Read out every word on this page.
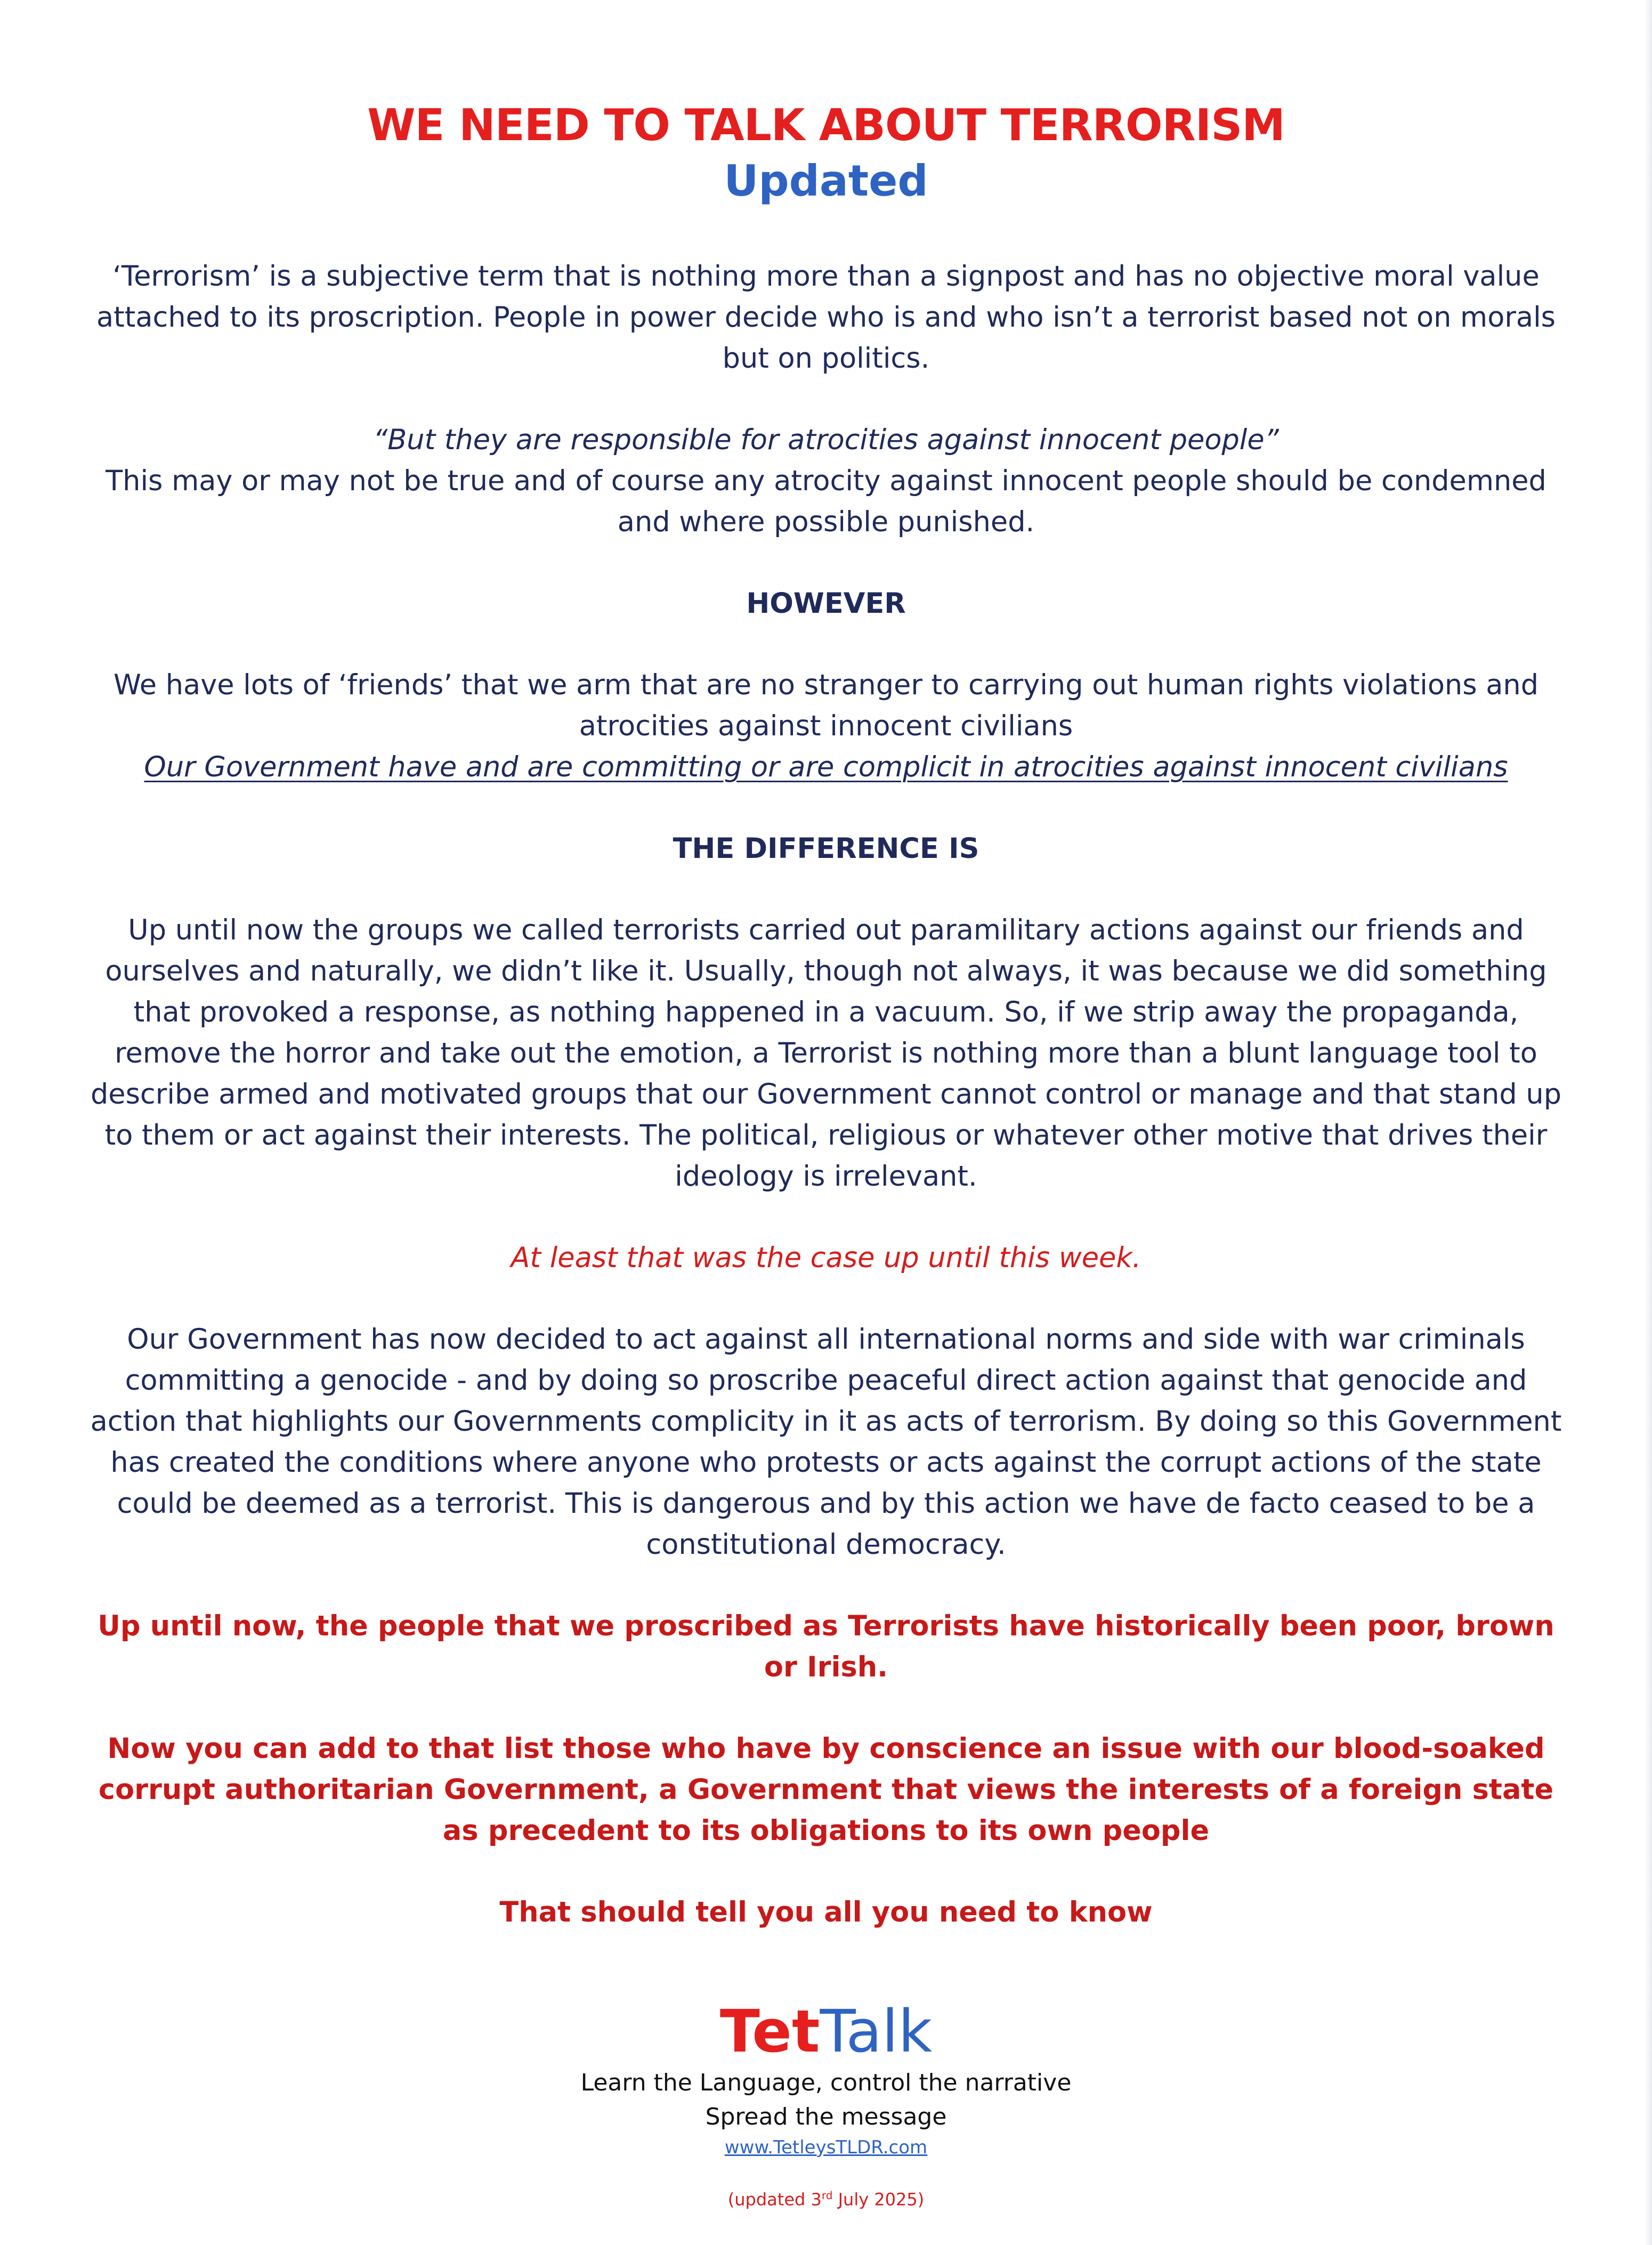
WE NEED TO TALK ABOUT TERRORISM
Updated

‘Terrorism’ is a subjective term that is nothing more than a signpost and has no objective moral value attached to its proscription. People in power decide who is and who isn’t a terrorist based not on morals but on politics.

“But they are responsible for atrocities against innocent people”

This may or may not be true and of course any atrocity against innocent people should be condemned and where possible punished.

HOWEVER

We have lots of ‘friends’ that we arm that are no stranger to carrying out human rights violations and atrocities against innocent civilians

Our Government have and are committing or are complicit in atrocities against innocent civilians

THE DIFFERENCE IS

Up until now the groups we called terrorists carried out paramilitary actions against our friends and ourselves and naturally, we didn’t like it. Usually, though not always, it was because we did something that provoked a response, as nothing happened in a vacuum. So, if we strip away the propaganda, remove the horror and take out the emotion, a Terrorist is nothing more than a blunt language tool to describe armed and motivated groups that our Government cannot control or manage and that stand up to them or act against their interests. The political, religious or whatever other motive that drives their ideology is irrelevant.

At least that was the case up until this week.

Our Government has now decided to act against all international norms and side with war criminals committing a genocide - and by doing so proscribe peaceful direct action against that genocide and action that highlights our Governments complicity in it as acts of terrorism. By doing so this Government has created the conditions where anyone who protests or acts against the corrupt actions of the state could be deemed as a terrorist. This is dangerous and by this action we have de facto ceased to be a constitutional democracy.

Up until now, the people that we proscribed as Terrorists have historically been poor, brown or Irish.

Now you can add to that list those who have by conscience an issue with our blood-soaked corrupt authoritarian Government, a Government that views the interests of a foreign state as precedent to its obligations to its own people

That should tell you all you need to know

TetTalk
Learn the Language, control the narrative
Spread the message
www.TetleysTLDR.com
(updated 3rd July 2025)
